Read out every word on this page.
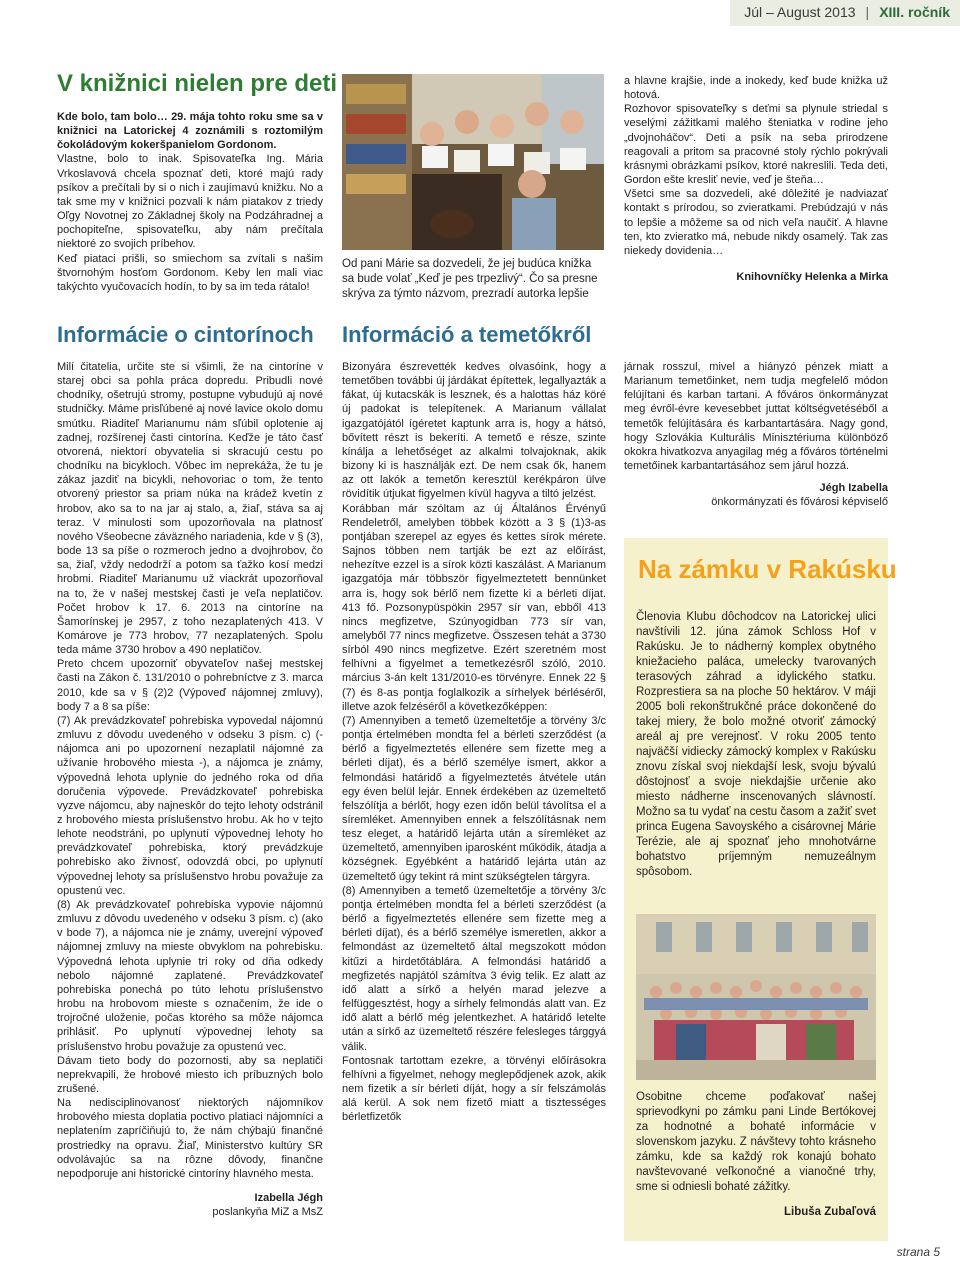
Júl – August 2013 | XIII. ročník
V knižnici nielen pre deti

Kde bolo, tam bolo… 29. mája tohto roku sme sa v knižnici na Latorickej 4 zoznámili s roztomilým čokoládovým kokeršpanielom Gordonom.

Vlastne, bolo to inak. Spisovateľka Ing. Mária Vrkoslavová chcela spoznať deti, ktoré majú rady psíkov a prečítali by si o nich i zaujímavú knižku. No a tak sme my v knižnici pozvali k nám piatakov z triedy Oľgy Novotnej zo Základnej školy na Podzáhradnej a pochopiteľne, spisovateľku, aby nám prečítala niektoré zo svojich príbehov.

Keď piataci prišli, so smiechom sa zvítali s našim štvornohým hosťom Gordonom. Keby len mali viac takýchto vyučovacích hodín, to by sa im teda rátalo!

Od pani Márie sa dozvedeli, že jej budúca knižka sa bude volať „Keď je pes trpezlivý“. Čo sa presne skrýva za týmto názvom, prezradí autorka lepšie

a hlavne krajšie, inde a inokedy, keď bude knižka už hotová.

Rozhovor spisovateľky s deťmi sa plynule striedal s veselými zážitkami malého šteniatka v rodine jeho „dvojnoháčov“. Deti a psík na seba prirodzene reagovali a pritom sa pracovné stoly rýchlo pokrývali krásnymi obrázkami psíkov, ktoré nakreslili. Teda deti, Gordon ešte kresliť nevie, veď je šteňa…

Všetci sme sa dozvedeli, aké dôležité je nadviazať kontakt s prírodou, so zvieratkami. Prebúdzajú v nás to lepšie a môžeme sa od nich veľa naučiť. A hlavne ten, kto zvieratko má, nebude nikdy osamelý. Tak zas niekedy dovidenia…

Knihovníčky Helenka a Mirka

Informácie o cintorínoch

Milí čitatelia, určite ste si všimli, že na cintoríne v starej obci sa pohla práca dopredu. Pribudli nové chodníky, ošetrujú stromy, postupne vybudujú aj nové studničky. Máme prisľúbené aj nové lavice okolo domu smútku. Riaditeľ Marianumu nám sľúbil oplotenie aj zadnej, rozšírenej časti cintorína. Keďže je táto časť otvorená, niektorí obyvatelia si skracujú cestu po chodníku na bicykloch. Vôbec im neprekáža, že tu je zákaz jazdiť na bicykli, nehovoriac o tom, že tento otvorený priestor sa priam núka na krádež kvetín z hrobov, ako sa to na jar aj stalo, a, žiaľ, stáva sa aj teraz. V minulosti som upozorňovala na platnosť nového Všeobecne záväzného nariadenia, kde v § (3), bode 13 sa píše o rozmeroch jedno a dvojhrobov, čo sa, žiaľ, vždy nedodrží a potom sa ťažko kosí medzi hrobmi. Riaditeľ Marianumu už viackrát upozorňoval na to, že v našej mestskej časti je veľa neplatičov. Počet hrobov k 17. 6. 2013 na cintoríne na Šamorínskej je 2957, z toho nezaplatených 413. V Komárove je 773 hrobov, 77 nezaplatených. Spolu teda máme 3730 hrobov a 490 neplatičov.

Preto chcem upozorniť obyvateľov našej mestskej časti na Zákon č. 131/2010 o pohrebníctve z 3. marca 2010, kde sa v § (2)2 (Výpoveď nájomnej zmluvy), body 7 a 8 sa píše:

(7) Ak prevádzkovateľ pohrebiska vypovedal nájomnú zmluvu z dôvodu uvedeného v odseku 3 písm. c) (- nájomca ani po upozornení nezaplatil nájomné za užívanie hrobového miesta -), a nájomca je známy, výpovedná lehota uplynie do jedného roka od dňa doručenia výpovede. Prevádzkovateľ pohrebiska vyzve nájomcu, aby najneskôr do tejto lehoty odstránil z hrobového miesta príslušenstvo hrobu. Ak ho v tejto lehote neodstráni, po uplynutí výpovednej lehoty ho prevádzkovateľ pohrebiska, ktorý prevádzkuje pohrebisko ako živnosť, odovzdá obci, po uplynutí výpovednej lehoty sa príslušenstvo hrobu považuje za opustenú vec.

(8) Ak prevádzkovateľ pohrebiska vypovie nájomnú zmluvu z dôvodu uvedeného v odseku 3 písm. c) (ako v bode 7), a nájomca nie je známy, uverejní výpoveď nájomnej zmluvy na mieste obvyklom na pohrebisku. Výpovedná lehota uplynie tri roky od dňa odkedy nebolo nájomné zaplatené. Prevádzkovateľ pohrebiska ponechá po túto lehotu príslušenstvo hrobu na hrobovom mieste s označením, že ide o trojročné uloženie, počas ktorého sa môže nájomca prihlásiť. Po uplynutí výpovednej lehoty sa príslušenstvo hrobu považuje za opustenú vec.

Dávam tieto body do pozornosti, aby sa neplatiči neprekvapili, že hrobové miesto ich príbuzných bolo zrušené.

Na nedisciplinovanosť niektorých nájomníkov hrobového miesta doplatia poctivo platiaci nájomníci a neplatením zapríčiňujú to, že nám chýbajú finančné prostriedky na opravu. Žiaľ, Ministerstvo kultúry SR odvolávajúc sa na rôzne dôvody, finančne nepodporuje ani historické cintoríny hlavného mesta.

Izabella Jégh

poslankyňa MiZ a MsZ

Információ a temetőkről

Bizonyára észrevették kedves olvasóink, hogy a temetőben további új járdákat építettek, legallyazták a fákat, új kutacskák is lesznek, és a halottas ház köré új padokat is telepítenek. A Marianum vállalat igazgatójától ígéretet kaptunk arra is, hogy a hátsó, bővített részt is bekeríti. A temető e része, szinte kínálja a lehetőséget az alkalmi tolvajoknak, akik bizony ki is használják ezt. De nem csak ők, hanem az ott lakók a temetőn keresztül kerékpáron ülve rövidítik útjukat figyelmen kívül hagyva a tiltó jelzést.

Korábban már szóltam az új Általános Érvényű Rendeletről, amelyben többek között a 3 § (1)3-as pontjában szerepel az egyes és kettes sírok mérete. Sajnos többen nem tartják be ezt az előírást, nehezítve ezzel is a sírok közti kaszálást. A Marianum igazgatója már többször figyelmeztetett bennünket arra is, hogy sok bérlő nem fizette ki a bérleti díjat. 413 fő. Pozsonypüspökin 2957 sír van, ebből 413 nincs megfizetve, Szúnyogidban 773 sír van, amelyből 77 nincs megfizetve. Összesen tehát a 3730 sírból 490 nincs megfizetve. Ezért szeretném most felhívni a figyelmet a temetkezésről szóló, 2010. március 3-án kelt 131/2010-es törvényre. Ennek 22 § (7) és 8-as pontja foglalkozik a sírhelyek bérléséről, illetve azok felzéséről a következőképpen:

(7) Amennyiben a temető üzemeltetője a törvény 3/c pontja értelmében mondta fel a bérleti szerződést (a bérlő a figyelmeztetés ellenére sem fizette meg a bérleti díjat), és a bérlő személye ismert, akkor a felmondási határidő a figyelmeztetés átvétele után egy éven belül lejár. Ennek érdekében az üzemeltető felszólítja a bérlőt, hogy ezen időn belül távolítsa el a síremléket. Amennyiben ennek a felszólításnak nem tesz eleget, a határidő lejárta után a síremléket az üzemeltető, amennyiben iparosként működik, átadja a községnek. Egyébként a határidő lejárta után az üzemeltető úgy tekint rá mint szükségtelen tárgyra.

(8) Amennyiben a temető üzemeltetője a törvény 3/c pontja értelmében mondta fel a bérleti szerződést (a bérlő a figyelmeztetés ellenére sem fizette meg a bérleti díjat), és a bérlő személye ismeretlen, akkor a felmondást az üzemeltető által megszokott módon kitűzi a hirdetőtáblára. A felmondási határidő a megfizetés napjától számítva 3 évig telik. Ez alatt az idő alatt a sírkő a helyén marad jelezve a felfüggesztést, hogy a sírhely felmondás alatt van. Ez idő alatt a bérlő még jelentkezhet. A határidő letelte után a sírkő az üzemeltető részére felesleges tárggyá válik.

Fontosnak tartottam ezekre, a törvényi előírásokra felhívni a figyelmet, nehogy meglepődjenek azok, akik nem fizetik a sír bérleti díját, hogy a sír felszámolás alá kerül. A sok nem fizető miatt a tisztességes bérletfizetők

járnak rosszul, mivel a hiányzó pénzek miatt a Marianum temetőinket, nem tudja megfelelő módon felújítani és karban tartani. A főváros önkormányzat meg évről-évre kevesebbet juttat költségvetéséből a temetők felújítására és karbantartására. Nagy gond, hogy Szlovákia Kulturális Minisztériuma különböző okokra hivatkozva anyagilag még a főváros történelmi temetőinek karbantartásához sem járul hozzá.

Jégh Izabella

önkormányzati és fővárosi képviselő

Na zámku v Rakúsku

Členovia Klubu dôchodcov na Latorickej ulici navštívili 12. júna zámok Schloss Hof v Rakúsku. Je to nádherný komplex obytného kniežacieho paláca, umelecky tvarovaných terasových záhrad a idylického statku. Rozprestiera sa na ploche 50 hektárov. V máji 2005 boli rekonštrukčné práce dokončené do takej miery, že bolo možné otvoriť zámocký areál aj pre verejnosť. V roku 2005 tento najväčší vidiecky zámocký komplex v Rakúsku znovu získal svoj niekdajší lesk, svoju bývalú dôstojnosť a svoje niekdajšie určenie ako miesto nádherne inscenovaných slávností. Možno sa tu vydať na cestu časom a zažiť svet princa Eugena Savoyského a cisárovnej Márie Terézie, ale aj spoznať jeho mnohotvárne bohatstvo príjemným nemuzeálnym spôsobom.

Osobitne chceme poďakovať našej sprievodkyni po zámku pani Linde Bertókovej za hodnotné a bohaté informácie v slovenskom jazyku. Z návštevy tohto krásneho zámku, kde sa každý rok konajú bohato navštevované veľkonočné a vianočné trhy, sme si odniesli bohaté zážitky.

Libuša Zubaľová

strana 5
